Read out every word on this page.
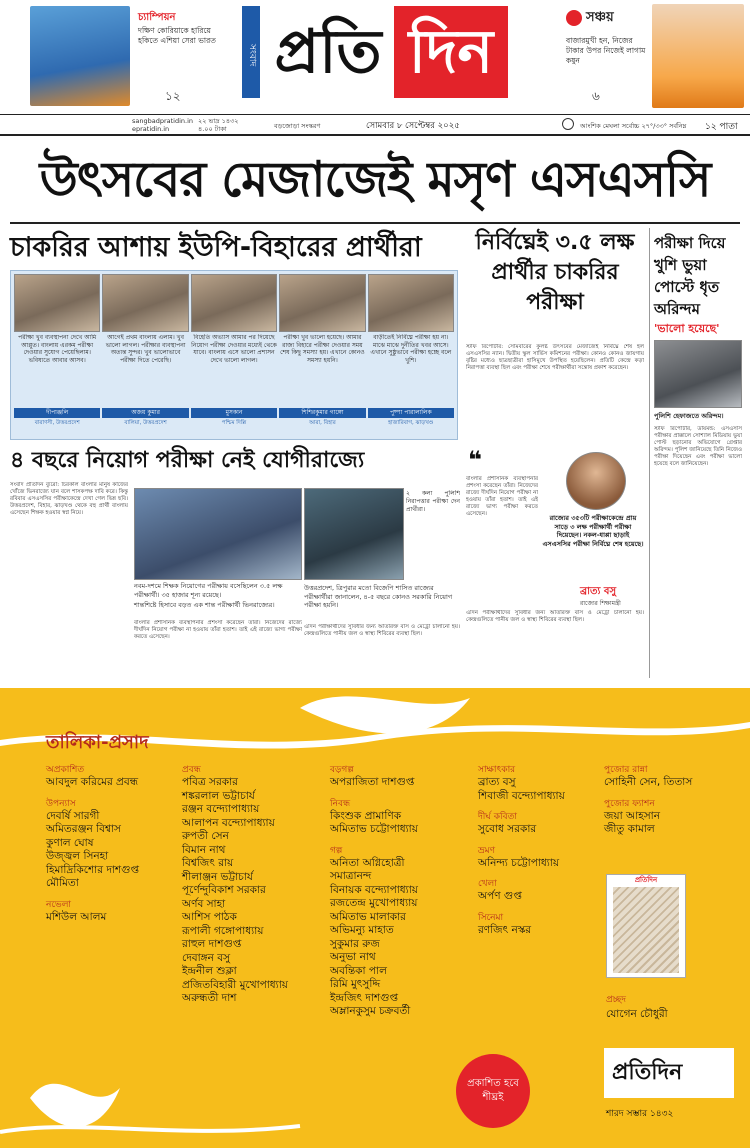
চ্যাম্পিয়ন
দক্ষিণ কোরিয়াকে হারিয়ে হকিতে এশিয়া সেরা ভারত
১২
সংবাদ প্রতি দিন	সঞ্চয়
বাজারমুখী হন, নিজের টাকার উপর নিজেই লাগাম কষুন
৬
sangbadpratidin.in epratidin.in
২২ ভাদ্র ১৪৩২ ৪.০০ টাকা	বড়জোড়া সংস্করণ	সোমবার ৮ সেপ্টেম্বর ২০২৫	আংশিক মেঘলা সর্বোচ্চ ২৭°/৩৩° সর্বনিম্ন ১২ পাতা
উৎসবের মেজাজেই মসৃণ এসএসসি
চাকরির আশায় ইউপি-বিহারের প্রার্থীরা
পরীক্ষা খুব ব্যবস্থাপনা দেখে আমি আপ্লুত। বাংলায় এরকম পরীক্ষা দেওয়ার সুযোগ পেয়েছিলাম। ভবিষ্যতে আবার আসব।
দীপাঞ্জলি
বারাণসী, উত্তরপ্রদেশ
আগেই প্রথম বাংলায় এলাম। খুব ভালো লাগল। পরীক্ষার ব্যবস্থাপনা অত্যন্ত সুন্দর। খুব ভালোভাবে পরীক্ষা দিতে পেরেছি।
অজয় কুমার
বালিয়া, উত্তরপ্রদেশ
বিহেতি অভ্যাস আমার পর দিয়েছে নিয়োগ পরীক্ষা দেওয়ার মধ্যেই থেকে যাবে। বাংলায় এসে ভালো প্রশাসন দেখে ভালো লাগল।
মুসকান
পশ্চিম দিল্লি
পরীক্ষা খুব ভালো হয়েছে। আমার রাজ্য বিহারে পরীক্ষা দেওয়ার সময় শেষ কিছু সমস্যা হয়। এখানে কোনও সমস্যা হয়নি।
শিশিরকুমার গাঙ্গো
আরা, বিহার
বাড়ীতেই নির্বিঘ্নে পরীক্ষা হয় না। মাঝে মাঝে দুর্নীতির খবর আসে। এখানে সুষ্ঠুভাবে পরীক্ষা হচ্ছে বলে খুশি।
পুষ্পা পারালালিক
হাজারিবাগ, ঝাড়খণ্ড
৪ বছরে নিয়োগ পরীক্ষা নেই যোগীরাজ্যে
সংবাদ প্রতিদিন ব্যুরো: চিরকাল বাংলার মানুষ কাজের খোঁজে ভিনরাজ্যে যান বলে শাসকপক্ষ দাবি করে। কিন্তু রবিবার এসএসসির পরীক্ষাকেন্দ্রে দেখা গেল ভিন্ন ছবি। উত্তরপ্রদেশ, বিহার, ঝাড়খণ্ড থেকে বহু প্রার্থী বাংলায় এসেছেন শিক্ষক হওয়ার স্বপ্ন নিয়ে।
নবম-দশমে শিক্ষক নিয়োগের পরীক্ষায় বসেছিলেন ৩.৫ লক্ষ পরীক্ষার্থী। ৩৫ হাজার শূন্য রয়েছে।
শান্তশিষ্টে হিসাবে বড়ত এক শান্ত পরীক্ষার্থী ভিনরাজ্যের।
২ কলা পুলিশি নিরাপত্তার পরীক্ষা দেন প্রার্থীরা।
উত্তরপ্রদেশ, ত্রিপুরার মতো বিজেপি শাসিত রাজ্যের পরীক্ষার্থীরা জানালেন, ৪-৫ বছরে কোনও সরকারি নিয়োগ পরীক্ষা হয়নি।
বাংলার প্রশাসনিক ব্যবস্থাপনার প্রশংসা করেছেন তাঁরা। নিজেদের রাজ্যে দীর্ঘদিন নিয়োগ পরীক্ষা না হওয়ায় তাঁরা হতাশ। তাই এই রাজ্যে ভাগ্য পরীক্ষা করতে এসেছেন।
এদিন পরীক্ষার্থীদের সুবিধার জন্য অতিরিক্ত বাস ও মেট্রো চালানো হয়। কেন্দ্রগুলিতে পানীয় জল ও স্বাস্থ্য শিবিরের ব্যবস্থা ছিল।
নির্বিঘ্নেই ৩.৫ লক্ষ প্রার্থীর চাকরির পরীক্ষা
স্টাফ রিপোর্টার: সোমবারের কুলষ্ট উৎসবের মেজাজেই নির্বিঘ্নে শেষ হল এসএসসির ন্যান। দ্বিতীয় স্কুল সার্ভিস কমিশনের পরীক্ষা। কোনও কোনও জায়গায় বৃষ্টির মধ্যেও ছাত্রছাত্রীরা হাসিমুখে উপস্থিত হয়েছিলেন। প্রতিটি কেন্দ্রে কড়া নিরাপত্তা ব্যবস্থা ছিল এবং পরীক্ষা শেষে পরীক্ষার্থীরা সন্তোষ প্রকাশ করেছেন।
❝
রাজ্যের ৩৫৩টি পরীক্ষাকেন্দ্রে প্রায় সাড়ে ৩ লক্ষ পরীক্ষার্থী পরীক্ষা দিয়েছেন। নকল-ধাপ্পা ছাড়াই এসএসসির পরীক্ষা নির্বিঘ্নে শেষ হয়েছে।
বাংলার প্রশাসনিক ব্যবস্থাপনার প্রশংসা করেছেন তাঁরা। নিজেদের রাজ্যে দীর্ঘদিন নিয়োগ পরীক্ষা না হওয়ায় তাঁরা হতাশ। তাই এই রাজ্যে ভাগ্য পরীক্ষা করতে এসেছেন।
ব্রাত্য বসু
রাজ্যের শিক্ষামন্ত্রী
এদিন পরীক্ষার্থীদের সুবিধার জন্য অতিরিক্ত বাস ও মেট্রো চালানো হয়। কেন্দ্রগুলিতে পানীয় জল ও স্বাস্থ্য শিবিরের ব্যবস্থা ছিল।
পরীক্ষা দিয়ে খুশি ভুয়া পোস্টে ধৃত অরিন্দম
'ভালো হয়েছে'
পুলিশি হেফাজতে অরিন্দম।
স্টাফ রিপোর্টার, ডায়মন্ড: এসএসসি পরীক্ষার প্রাক্কালে সোশ্যাল মিডিয়ায় ভুয়া পোস্ট ছড়ানোর অভিযোগে গ্রেপ্তার অরিন্দম। পুলিশ জানিয়েছে তিনি নিজেও পরীক্ষা দিয়েছেন এবং পরীক্ষা ভালো হয়েছে বলে জানিয়েছেন।
তালিকা-প্রসাদ
অপ্রকাশিত
আবদুল করিমের প্রবন্ধ
উপন্যাস
দেবর্ষি সারগী
অমিতরঞ্জন বিশ্বাস
কুণাল ঘোষ
উজ্জ্বল সিনহা
হিমাদ্রিকিশোর দাশগুপ্ত
মৌমিতা
নভেলা
মশিউল আলম
প্রবন্ধ
পবিত্র সরকার
শঙ্করলাল ভট্টাচার্য
রঞ্জন বন্দ্যোপাধ্যায়
আলাপন বন্দ্যোপাধ্যায়
রুপতী সেন
বিমান নাথ
বিশ্বজিৎ রায়
শীলাঞ্জন ভট্টাচার্য
পূর্ণেন্দুবিকাশ সরকার
অর্ণব সাহা
আশিস পাঠক
রূপালী গঙ্গোপাধ্যায়
রাহুল দাশগুপ্ত
দেবাঙ্গন বসু
ইন্দ্রনীল শুক্লা
প্রজিতবিহারী মুখোপাধ্যায়
অরুন্ধতী দাশ
বড়গল্প
অপরাজিতা দাশগুপ্ত
নিবন্ধ
কিংশুক প্রামাণিক
অমিতাভ চট্টোপাধ্যায়
গল্প
অনিতা অগ্নিহোত্রী
সমাত্রানন্দ
বিনায়ক বন্দ্যোপাধ্যায়
রজতেন্দ্র মুখোপাধ্যায়
অমিতাভ মালাকার
অভিমন্যু মাহাত
সুকুমার রুজ
অনুভা নাথ
অবন্তিকা পাল
রিমি মুৎসুদ্দি
ইন্দ্রজিৎ দাশগুপ্ত
অম্লানকুসুম চক্রবর্তী
সাক্ষাৎকার
ব্রাত্য বসু
শিবাজী বন্দ্যোপাধ্যায়
দীর্ঘ কবিতা
সুবোধ সরকার
ভ্রমণ
অনিন্দ্য চট্টোপাধ্যায়
খেলা
অর্পণ গুপ্ত
সিনেমা
রণজিৎ নস্কর
পুজোর রান্না
সোহিনী সেন, তিতাস
পুজোর ফ্যাশন
জয়া আহসান
জীতু কামাল
প্রতিদিন
প্রচ্ছদ
যোগেন চৌধুরী
প্রকাশিত হবে শীঘ্রই
প্রতিদিন
শারদ সম্ভার ১৪৩২
